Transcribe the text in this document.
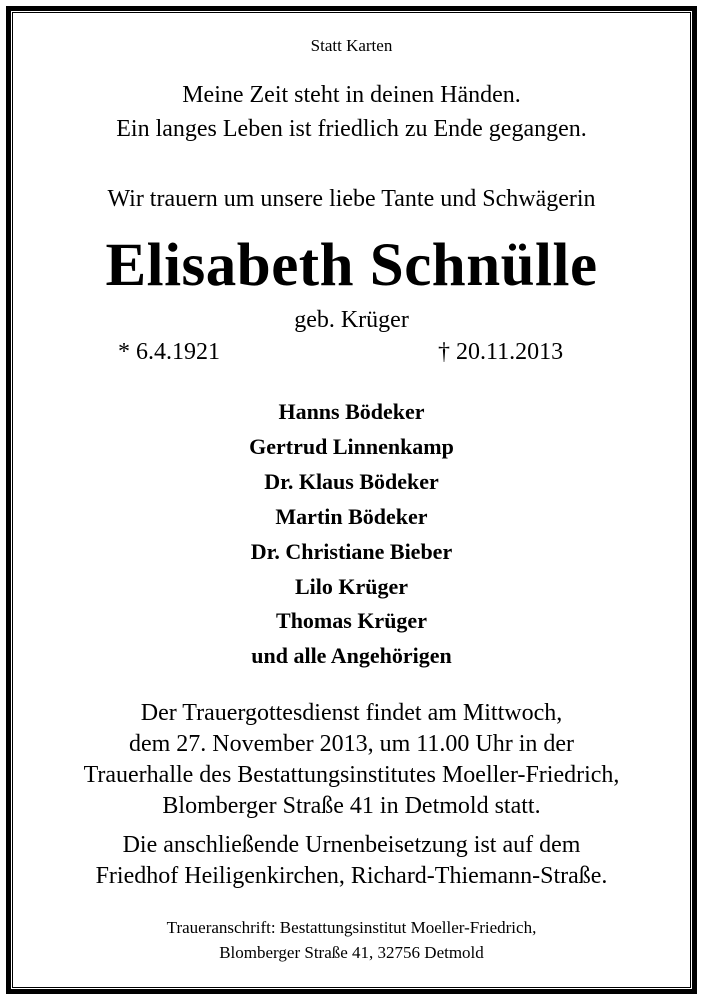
Statt Karten
Meine Zeit steht in deinen Händen.
Ein langes Leben ist friedlich zu Ende gegangen.
Wir trauern um unsere liebe Tante und Schwägerin
Elisabeth Schnülle
geb. Krüger
* 6.4.1921	† 20.11.2013
Hanns Bödeker
Gertrud Linnenkamp
Dr. Klaus Bödeker
Martin Bödeker
Dr. Christiane Bieber
Lilo Krüger
Thomas Krüger
und alle Angehörigen
Der Trauergottesdienst findet am Mittwoch,
dem 27. November 2013, um 11.00 Uhr in der
Trauerhalle des Bestattungsinstitutes Moeller-Friedrich,
Blomberger Straße 41 in Detmold statt.
Die anschließende Urnenbeisetzung ist auf dem
Friedhof Heiligenkirchen, Richard-Thiemann-Straße.
Traueranschrift: Bestattungsinstitut Moeller-Friedrich,
Blomberger Straße 41, 32756 Detmold
